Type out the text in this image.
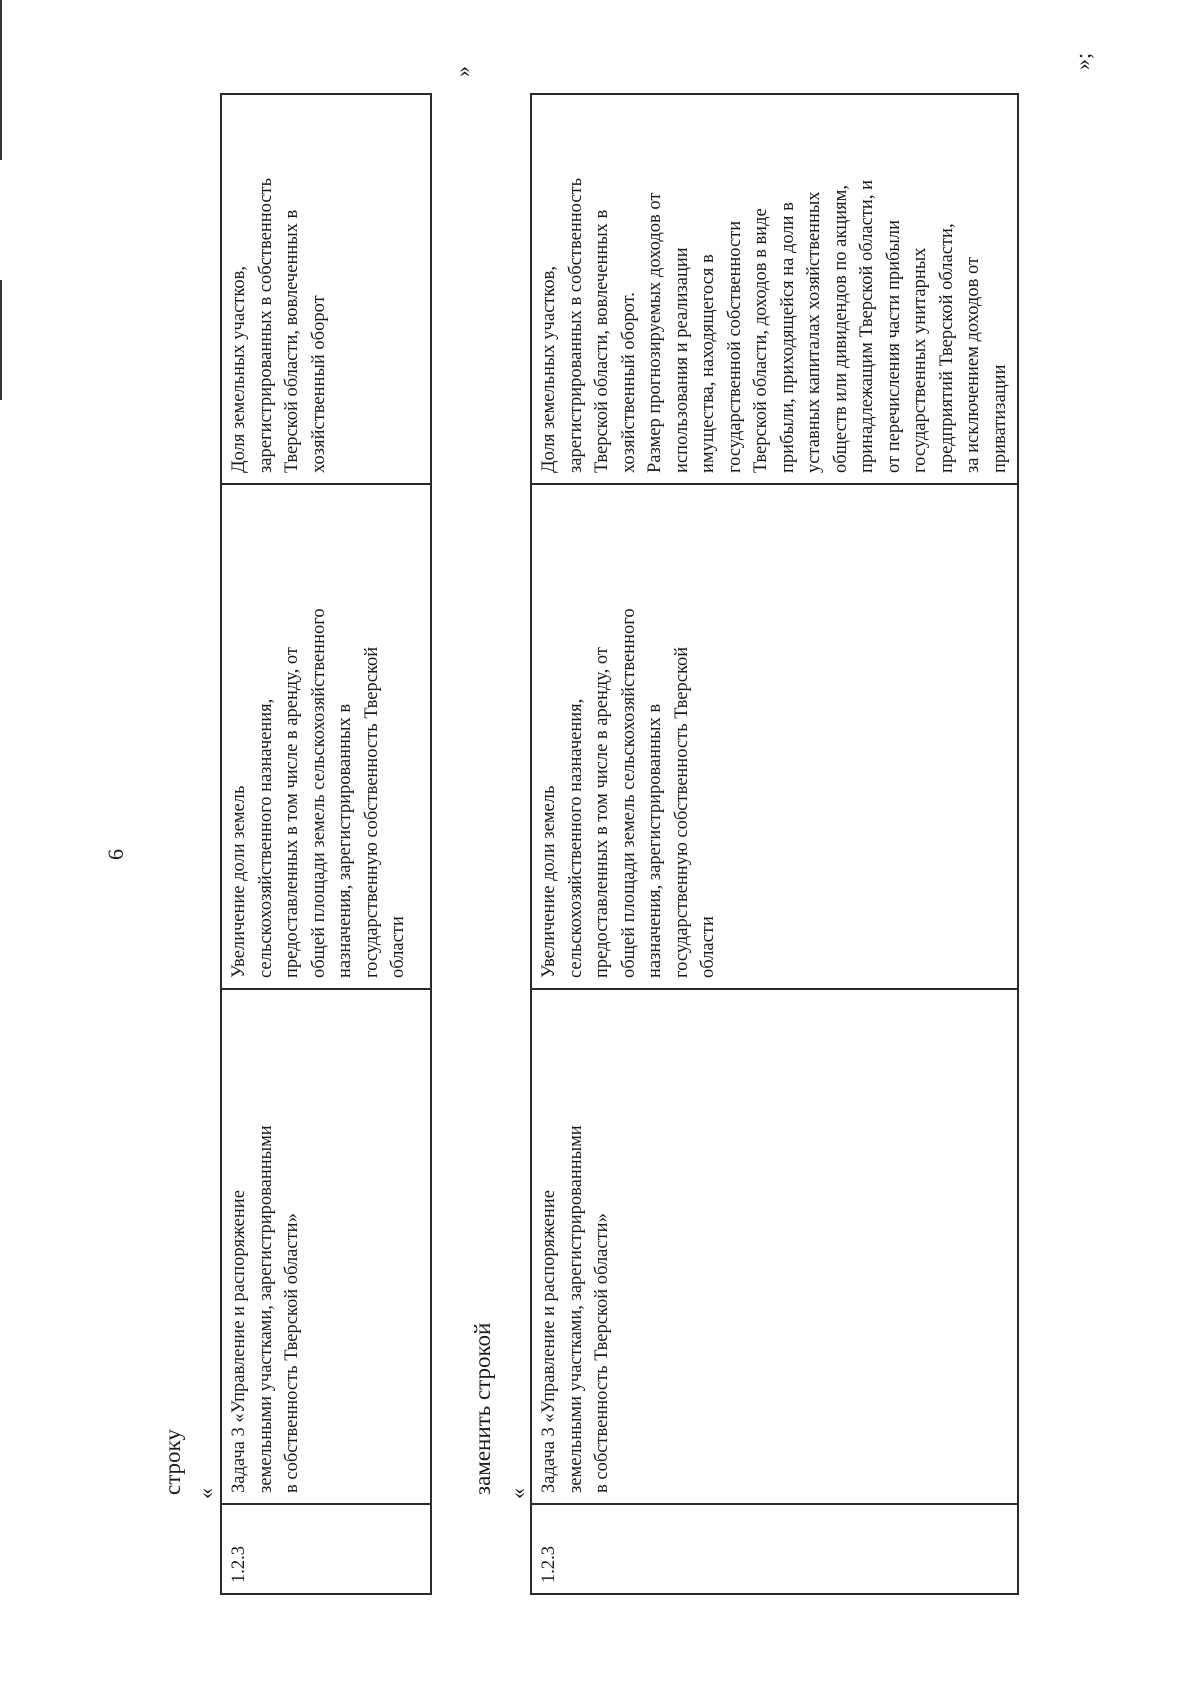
6
строку «
1.2.3

Задача 3 «Управление и распоряжение
земельными участками, зарегистрированными
в собственность Тверской области»

Увеличение доли земель
сельскохозяйственного назначения,
предоставленных в том числе в аренду, от
общей площади земель сельскохозяйственного
назначения, зарегистрированных в
государственную собственность Тверской
области

Доля земельных участков,
зарегистрированных в собственность
Тверской области, вовлеченных в
хозяйственный оборот
»
заменить строкой «
1.2.3

Задача 3 «Управление и распоряжение
земельными участками, зарегистрированными
в собственность Тверской области»

Увеличение доли земель
сельскохозяйственного назначения,
предоставленных в том числе в аренду, от
общей площади земель сельскохозяйственного
назначения, зарегистрированных в
государственную собственность Тверской
области

Доля земельных участков,
зарегистрированных в собственность
Тверской области, вовлеченных в
хозяйственный оборот.
Размер прогнозируемых доходов от
использования и реализации
имущества, находящегося в
государственной собственности
Тверской области, доходов в виде
прибыли, приходящейся на доли в
уставных капиталах хозяйственных
обществ или дивидендов по акциям,
принадлежащим Тверской области, и
от перечисления части прибыли
государственных унитарных
предприятий Тверской области,
за исключением доходов от
приватизации
»;
